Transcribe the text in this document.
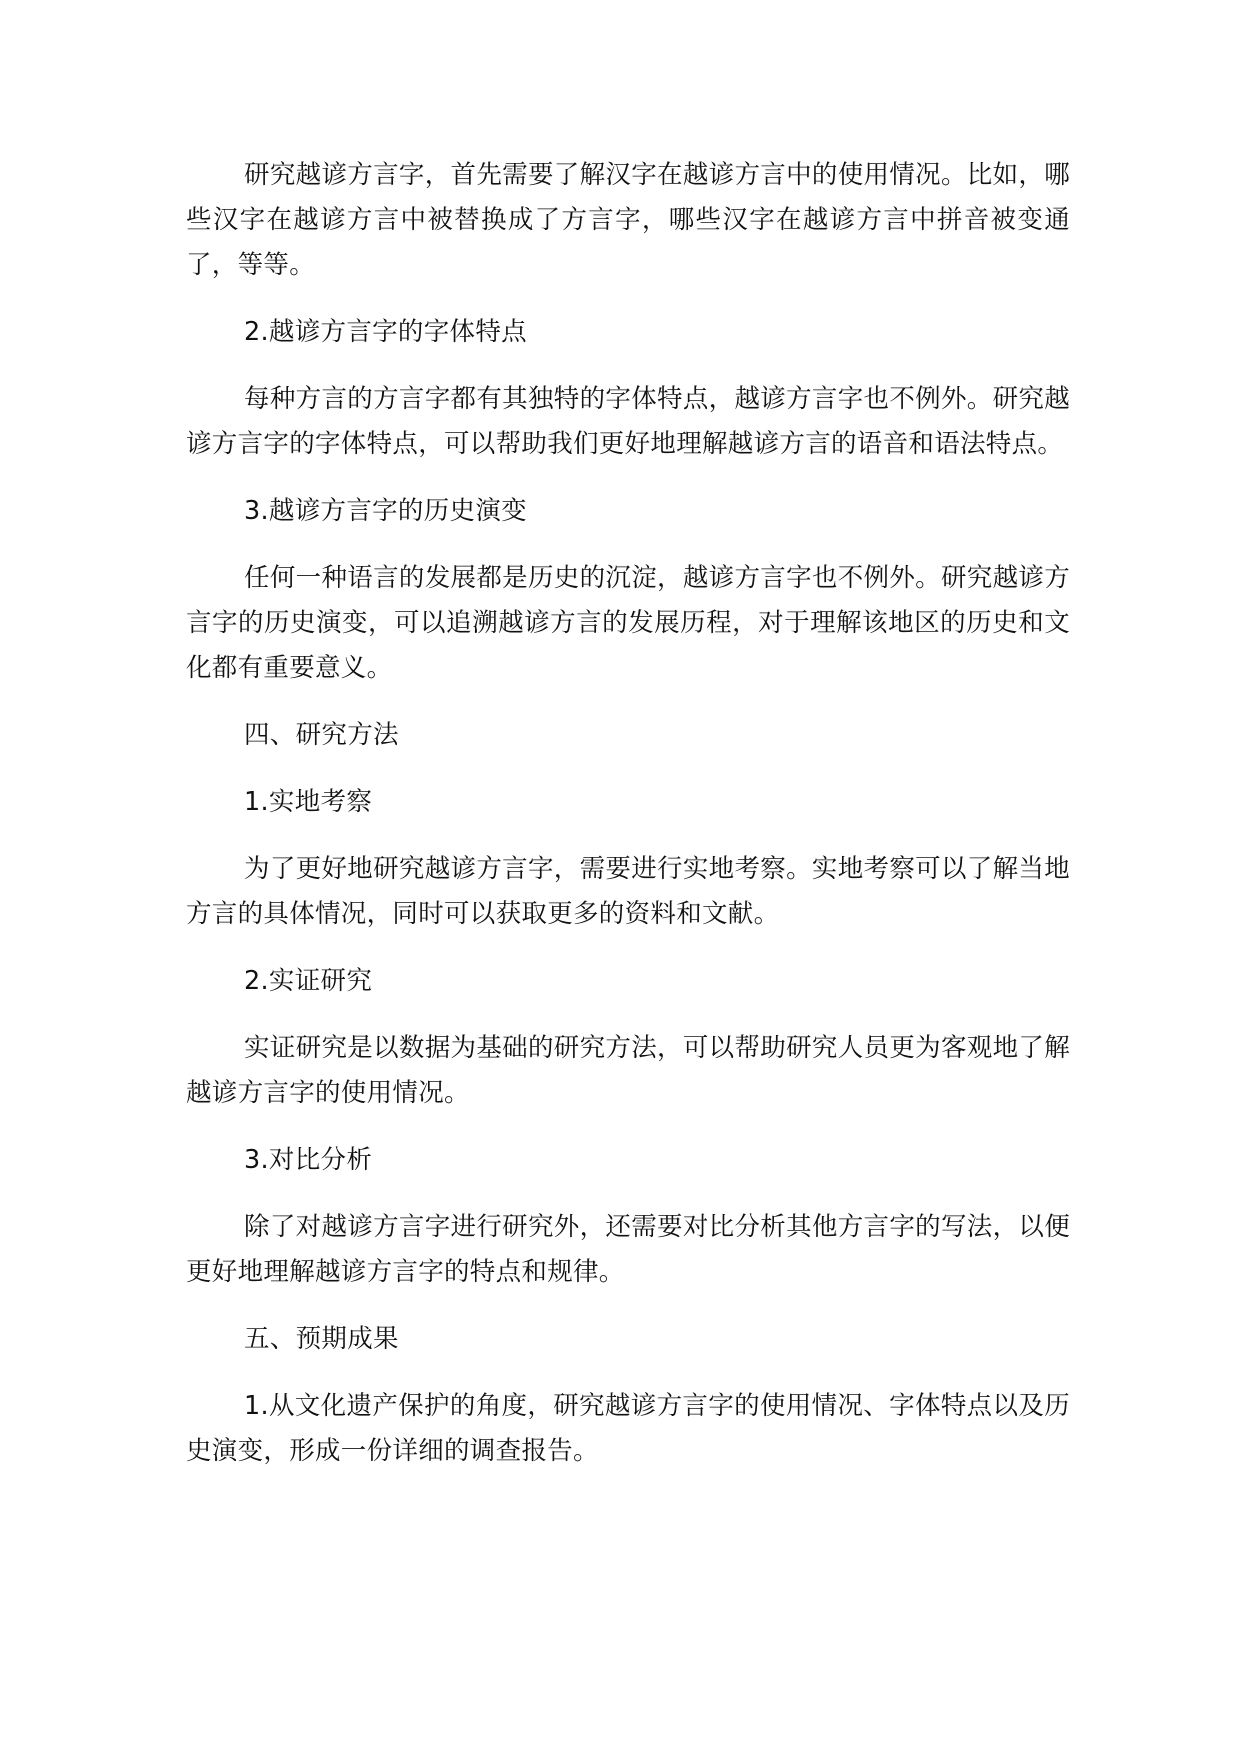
研究越谚方言字，首先需要了解汉字在越谚方言中的使用情况。比如，哪些汉字在越谚方言中被替换成了方言字，哪些汉字在越谚方言中拼音被变通了，等等。

2.越谚方言字的字体特点

每种方言的方言字都有其独特的字体特点，越谚方言字也不例外。研究越谚方言字的字体特点，可以帮助我们更好地理解越谚方言的语音和语法特点。

3.越谚方言字的历史演变

任何一种语言的发展都是历史的沉淀，越谚方言字也不例外。研究越谚方言字的历史演变，可以追溯越谚方言的发展历程，对于理解该地区的历史和文化都有重要意义。

四、研究方法

1.实地考察

为了更好地研究越谚方言字，需要进行实地考察。实地考察可以了解当地方言的具体情况，同时可以获取更多的资料和文献。

2.实证研究

实证研究是以数据为基础的研究方法，可以帮助研究人员更为客观地了解越谚方言字的使用情况。

3.对比分析

除了对越谚方言字进行研究外，还需要对比分析其他方言字的写法，以便更好地理解越谚方言字的特点和规律。

五、预期成果

1.从文化遗产保护的角度，研究越谚方言字的使用情况、字体特点以及历史演变，形成一份详细的调查报告。
